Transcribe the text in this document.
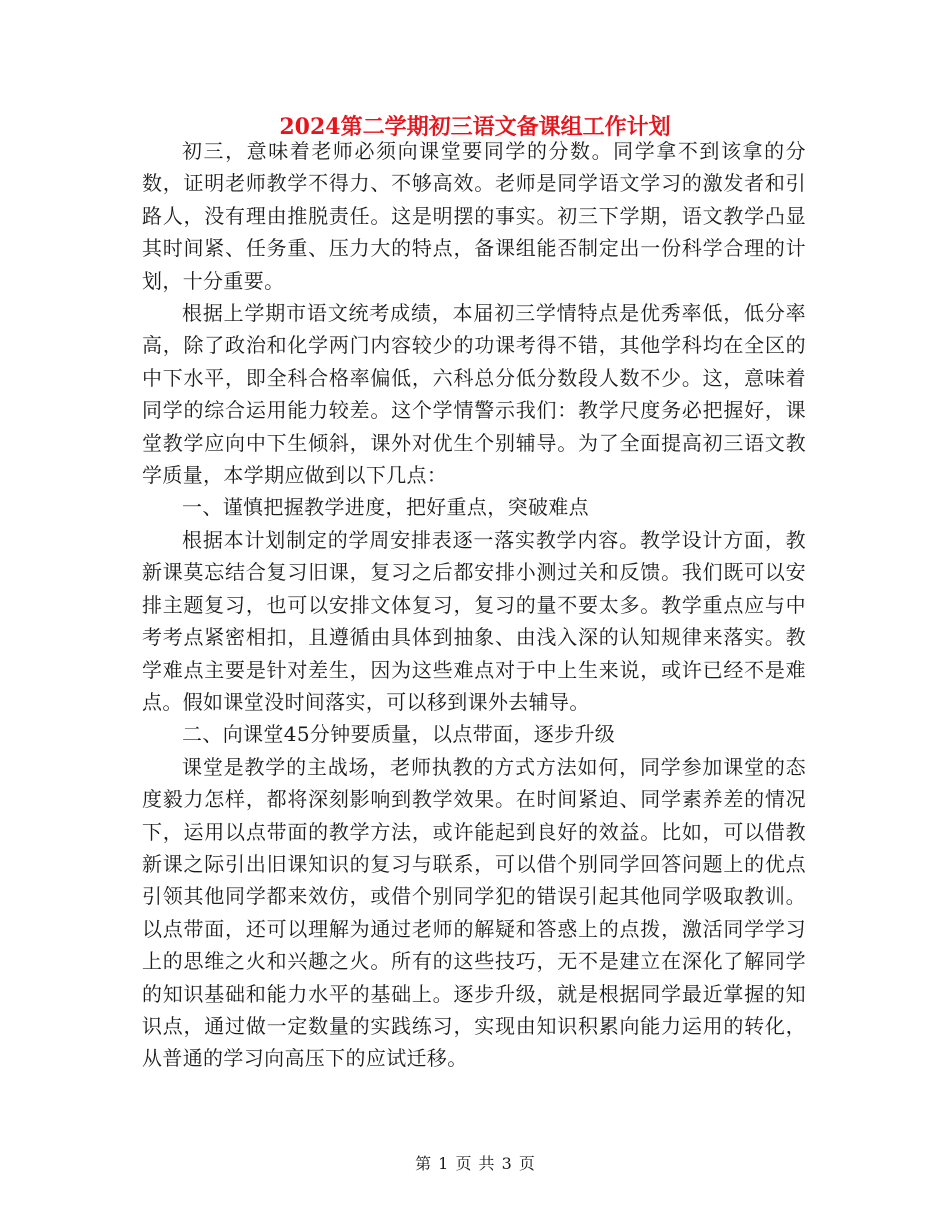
2024第二学期初三语文备课组工作计划

初三，意味着老师必须向课堂要同学的分数。同学拿不到该拿的分数，证明老师教学不得力、不够高效。老师是同学语文学习的激发者和引路人，没有理由推脱责任。这是明摆的事实。初三下学期，语文教学凸显其时间紧、任务重、压力大的特点，备课组能否制定出一份科学合理的计划，十分重要。

根据上学期市语文统考成绩，本届初三学情特点是优秀率低，低分率高，除了政治和化学两门内容较少的功课考得不错，其他学科均在全区的中下水平，即全科合格率偏低，六科总分低分数段人数不少。这，意味着同学的综合运用能力较差。这个学情警示我们：教学尺度务必把握好，课堂教学应向中下生倾斜，课外对优生个别辅导。为了全面提高初三语文教学质量，本学期应做到以下几点：

一、谨慎把握教学进度，把好重点，突破难点

根据本计划制定的学周安排表逐一落实教学内容。教学设计方面，教新课莫忘结合复习旧课，复习之后都安排小测过关和反馈。我们既可以安排主题复习，也可以安排文体复习，复习的量不要太多。教学重点应与中考考点紧密相扣，且遵循由具体到抽象、由浅入深的认知规律来落实。教学难点主要是针对差生，因为这些难点对于中上生来说，或许已经不是难点。假如课堂没时间落实，可以移到课外去辅导。

二、向课堂45分钟要质量，以点带面，逐步升级

课堂是教学的主战场，老师执教的方式方法如何，同学参加课堂的态度毅力怎样，都将深刻影响到教学效果。在时间紧迫、同学素养差的情况下，运用以点带面的教学方法，或许能起到良好的效益。比如，可以借教新课之际引出旧课知识的复习与联系，可以借个别同学回答问题上的优点引领其他同学都来效仿，或借个别同学犯的错误引起其他同学吸取教训。以点带面，还可以理解为通过老师的解疑和答惑上的点拨，激活同学学习上的思维之火和兴趣之火。所有的这些技巧，无不是建立在深化了解同学的知识基础和能力水平的基础上。逐步升级，就是根据同学最近掌握的知识点，通过做一定数量的实践练习，实现由知识积累向能力运用的转化，从普通的学习向高压下的应试迁移。

第 1 页 共 3 页
